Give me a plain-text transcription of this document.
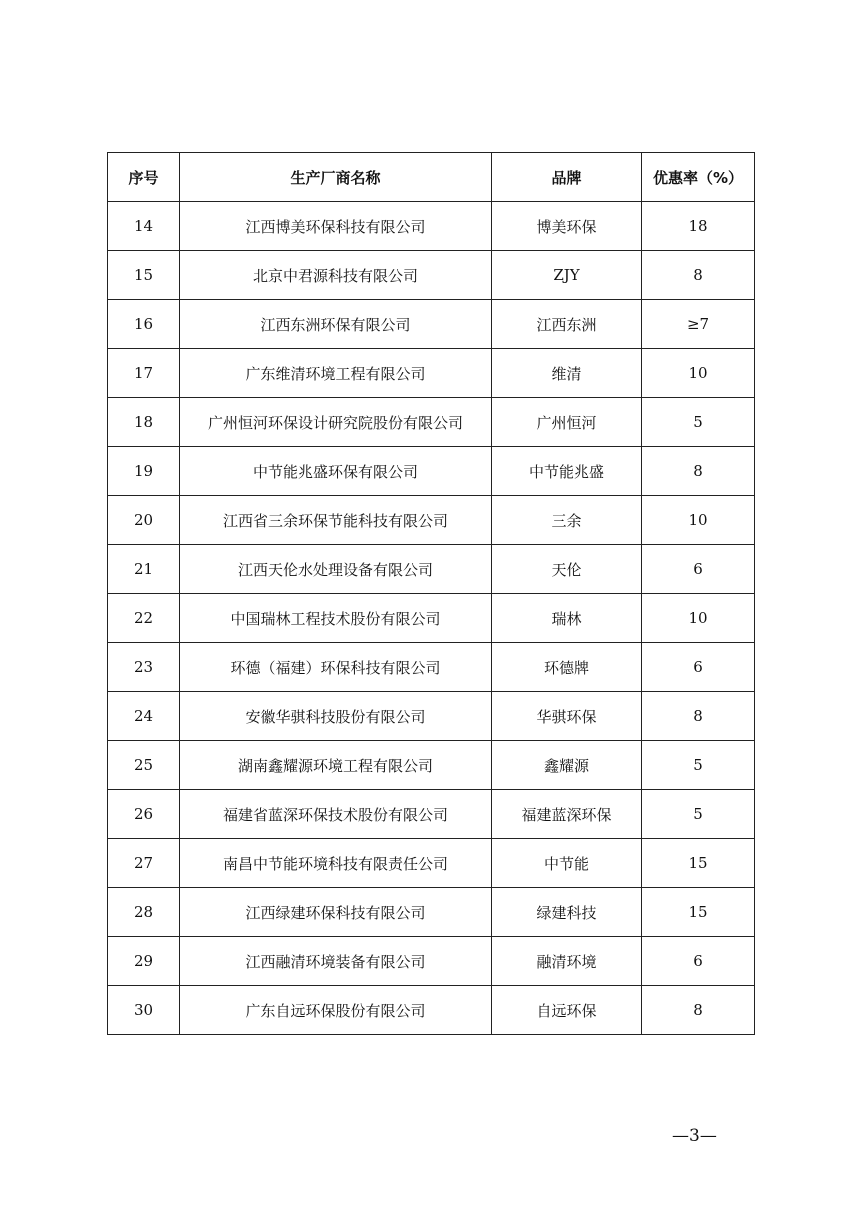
序号	生产厂商名称	品牌	优惠率（%）
14	江西博美环保科技有限公司	博美环保	18
15	北京中君源科技有限公司	ZJY	8
16	江西东洲环保有限公司	江西东洲	≥7
17	广东维清环境工程有限公司	维清	10
18	广州恒河环保设计研究院股份有限公司	广州恒河	5
19	中节能兆盛环保有限公司	中节能兆盛	8
20	江西省三余环保节能科技有限公司	三余	10
21	江西天伦水处理设备有限公司	天伦	6
22	中国瑞林工程技术股份有限公司	瑞林	10
23	环德（福建）环保科技有限公司	环德牌	6
24	安徽华骐科技股份有限公司	华骐环保	8
25	湖南鑫耀源环境工程有限公司	鑫耀源	5
26	福建省蓝深环保技术股份有限公司	福建蓝深环保	5
27	南昌中节能环境科技有限责任公司	中节能	15
28	江西绿建环保科技有限公司	绿建科技	15
29	江西融清环境装备有限公司	融清环境	6
30	广东自远环保股份有限公司	自远环保	8
—3—
